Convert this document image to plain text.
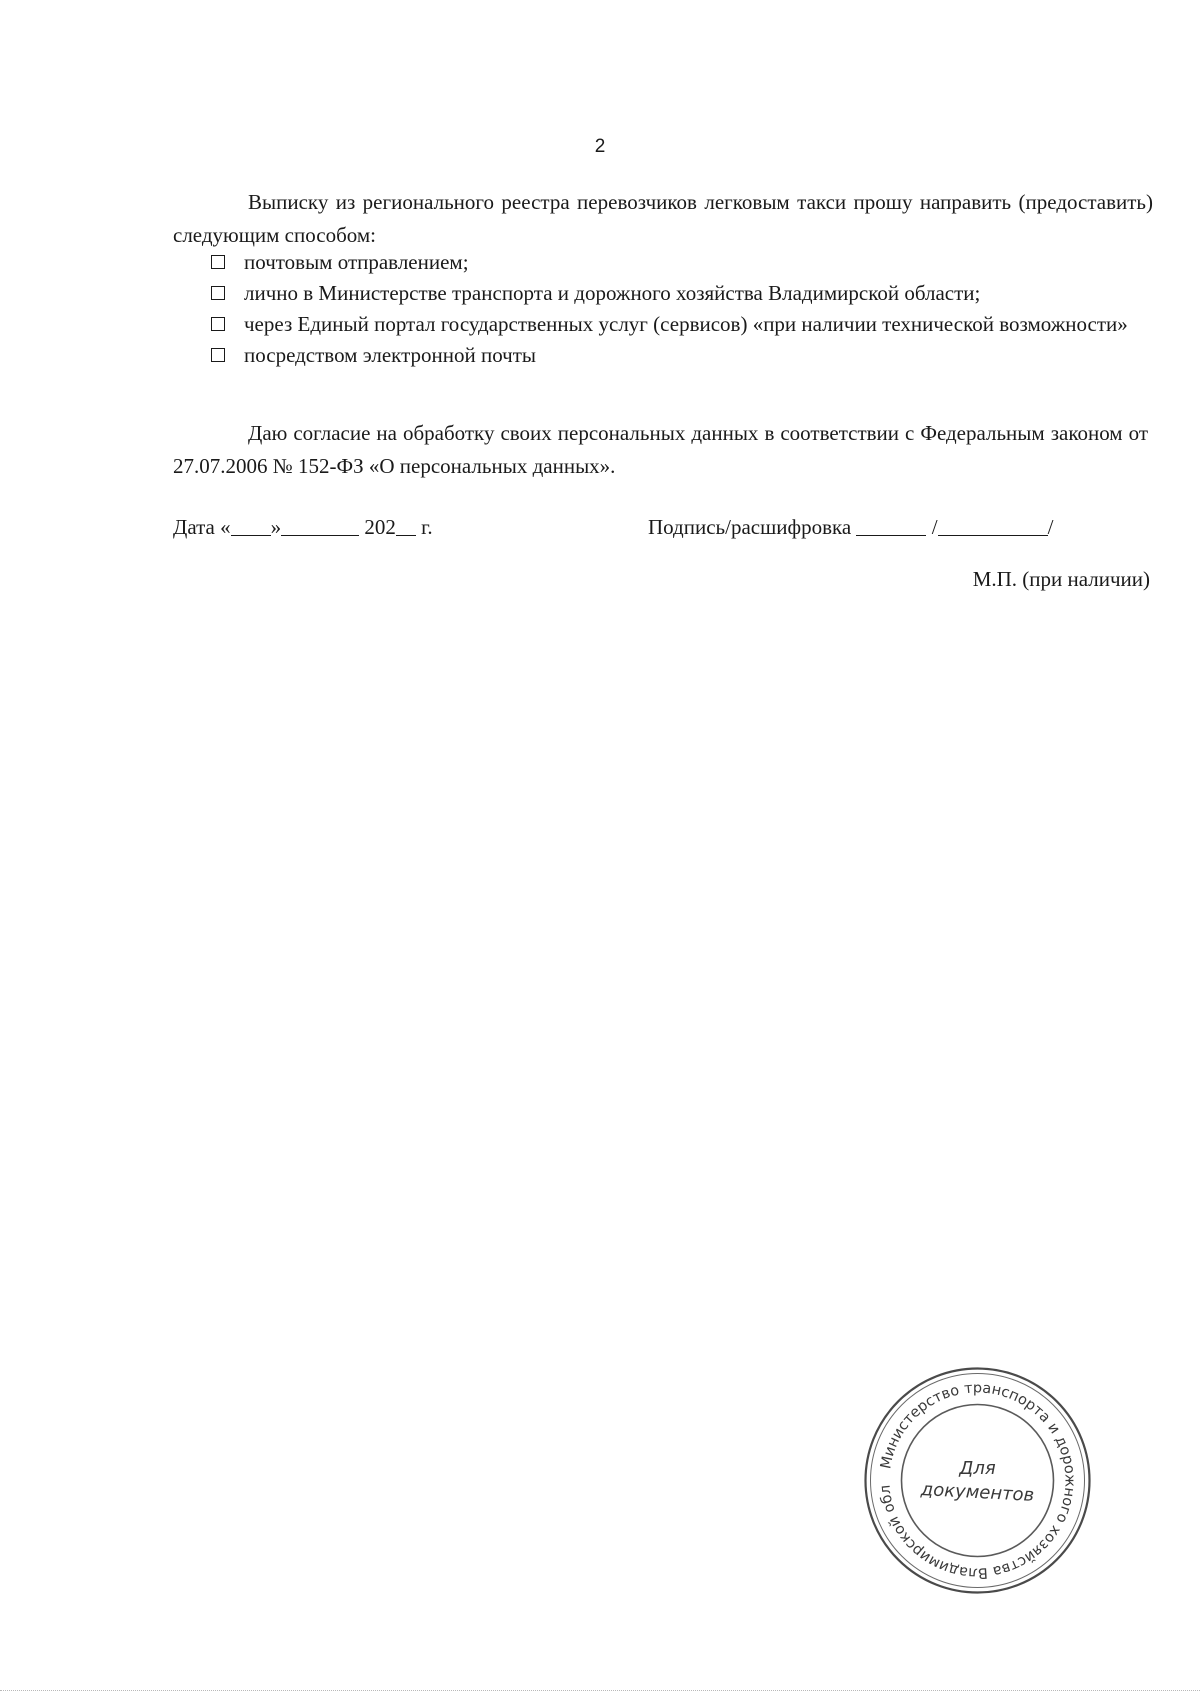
2
Выписку из регионального реестра перевозчиков легковым такси прошу направить (предоставить) следующим способом:
почтовым отправлением;
лично в Министерстве транспорта и дорожного хозяйства Владимирской области;
через Единый портал государственных услуг (сервисов) «при наличии технической возможности»
посредством электронной почты
Даю согласие на обработку своих персональных данных в соответствии с Федеральным законом от 27.07.2006 № 152-ФЗ «О персональных данных».
Дата « »	202 г.	Подпись/расшифровка	/	/
М.П. (при наличии)
Министерство транспорта и дорожного хозяйства Владимирской обл
Для
документов
